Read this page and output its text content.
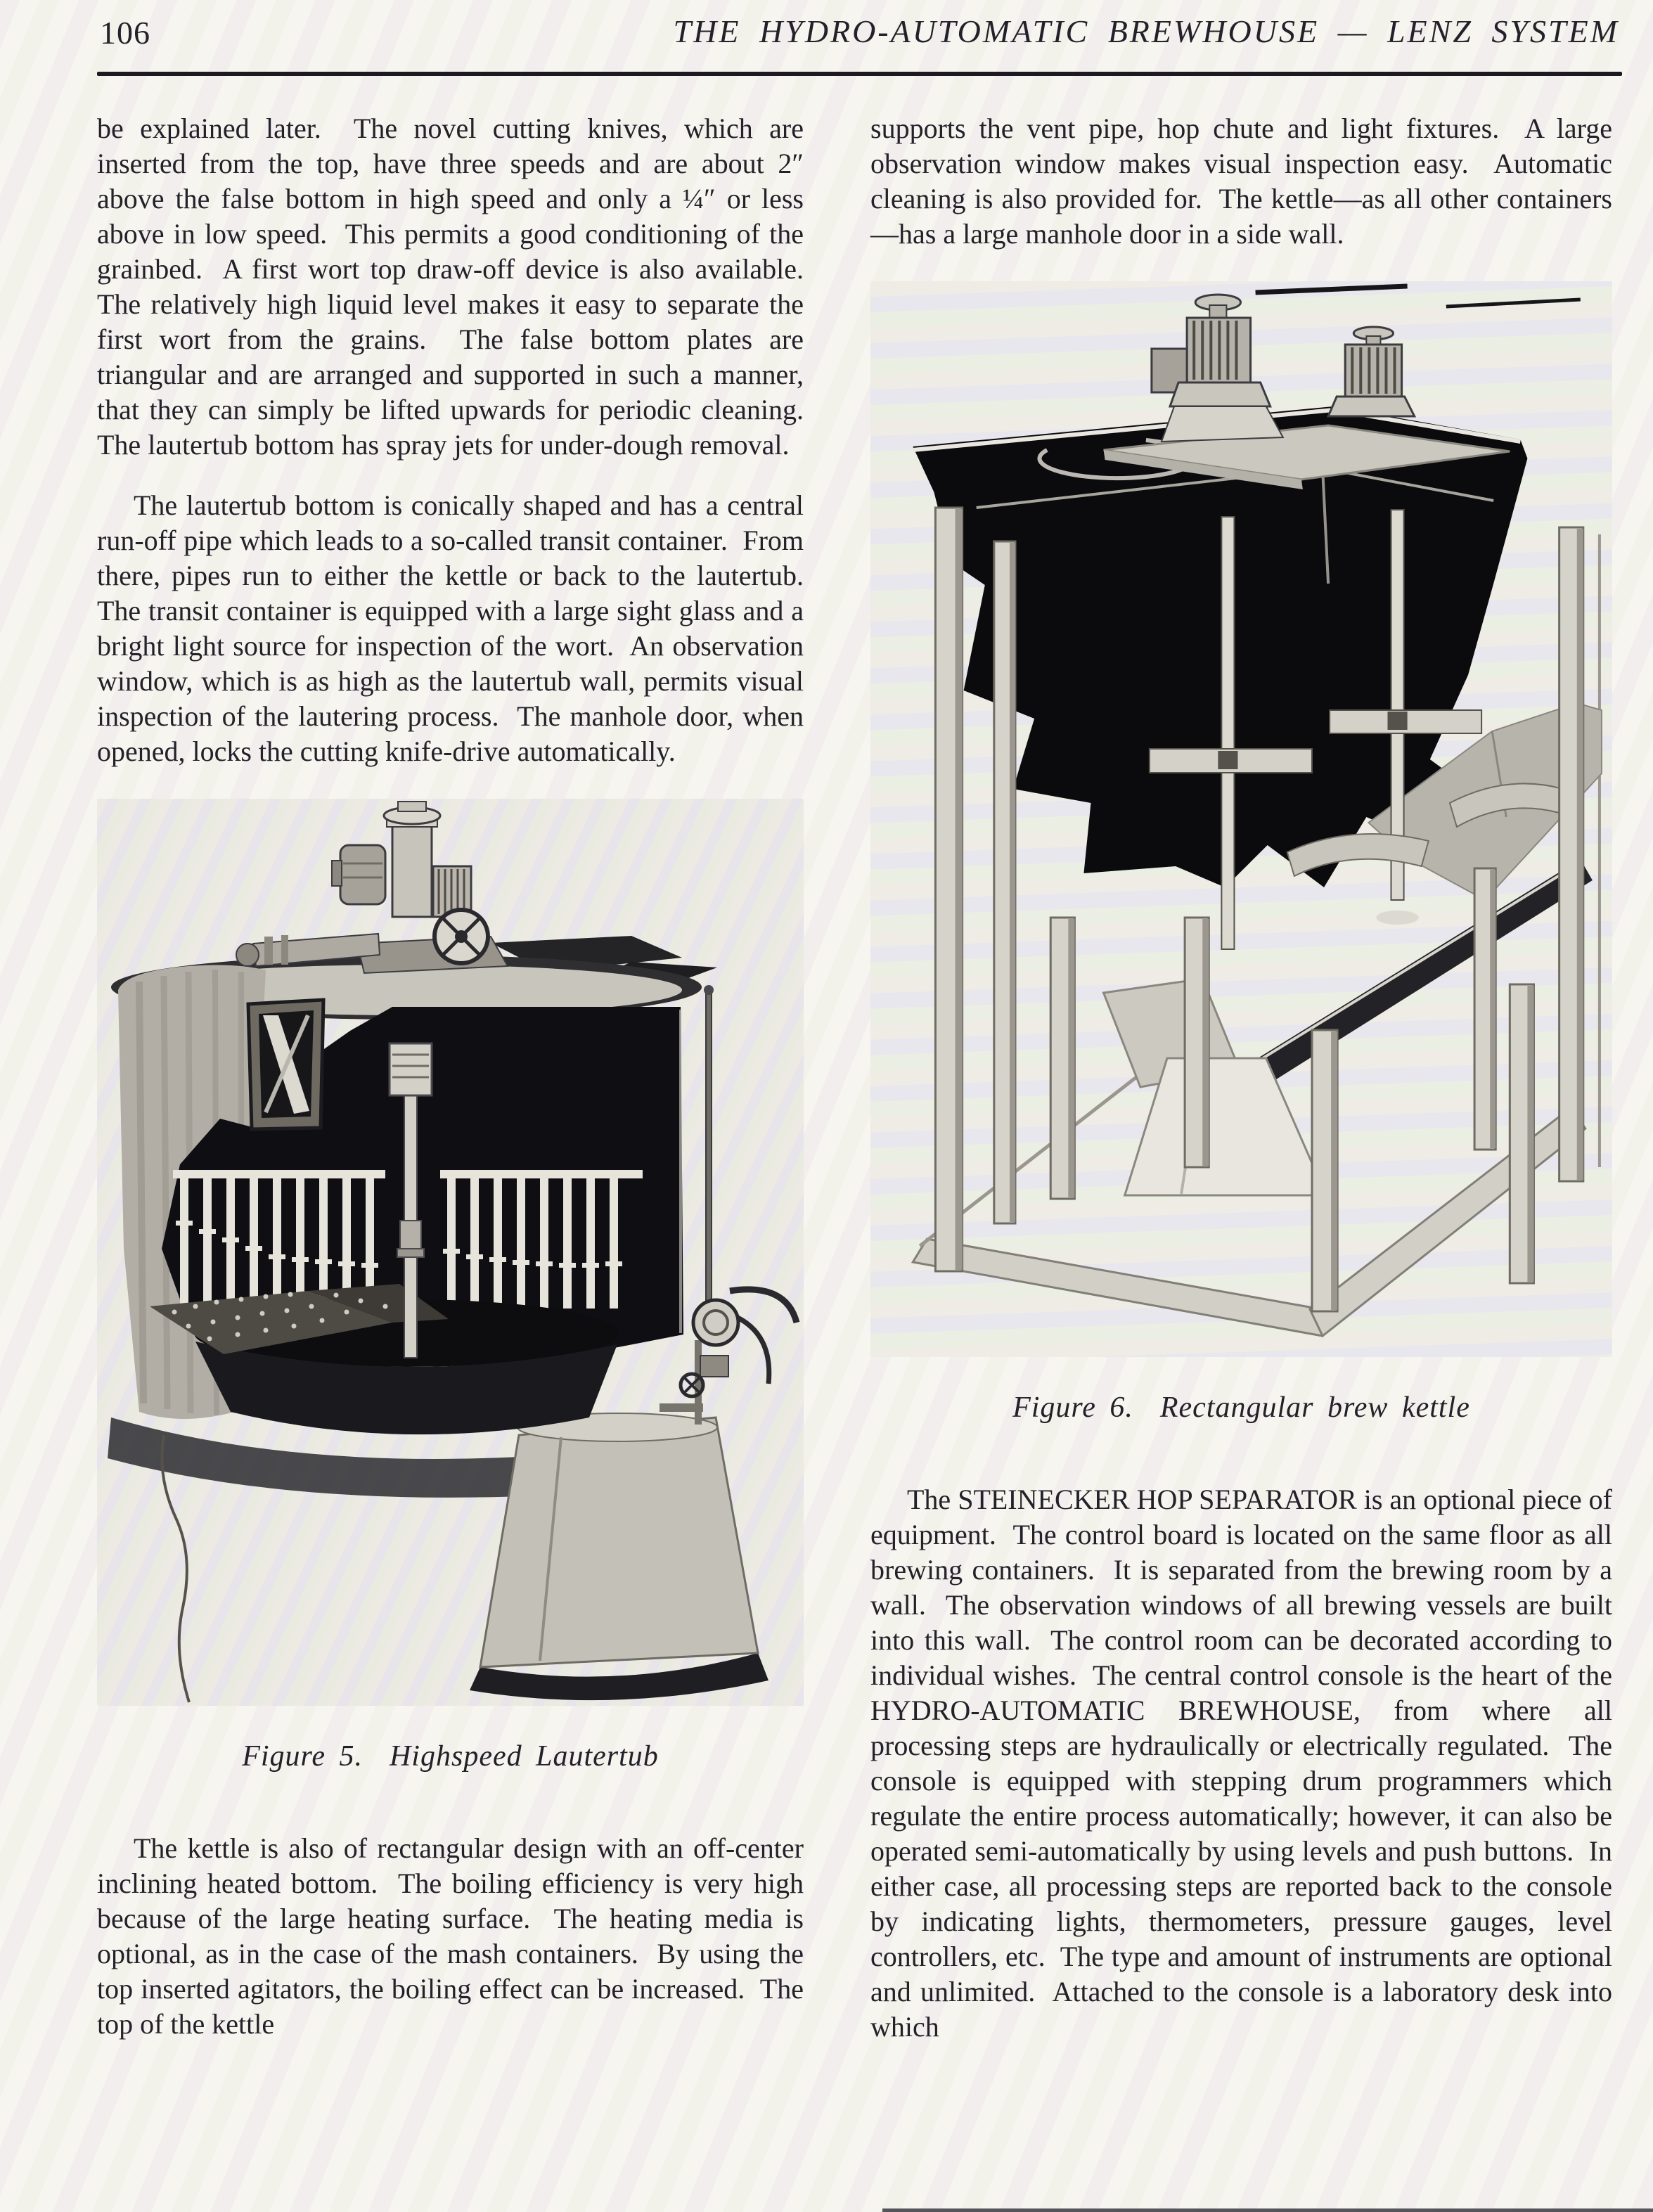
106	THE HYDRO-AUTOMATIC BREWHOUSE — LENZ SYSTEM

be explained later.  The novel cutting knives, which are inserted from the top, have three speeds and are about 2″ above the false bottom in high speed and only a ¼″ or less above in low speed.  This permits a good conditioning of the grainbed.  A first wort top draw-off device is also available.  The relatively high liquid level makes it easy to separate the first wort from the grains.  The false bottom plates are triangular and are arranged and supported in such a manner, that they can simply be lifted upwards for periodic cleaning.  The lautertub bottom has spray jets for under-dough removal.

The lautertub bottom is conically shaped and has a central run-off pipe which leads to a so-called transit container.  From there, pipes run to either the kettle or back to the lautertub.  The transit container is equipped with a large sight glass and a bright light source for inspection of the wort.  An observation window, which is as high as the lautertub wall, permits visual inspection of the lautering process.  The manhole door, when opened, locks the cutting knife-drive automatically.

Figure 5. Highspeed Lautertub

The kettle is also of rectangular design with an off-center inclining heated bottom.  The boiling efficiency is very high because of the large heating surface.  The heating media is optional, as in the case of the mash containers.  By using the top inserted agitators, the boiling effect can be increased.  The top of the kettle

supports the vent pipe, hop chute and light fixtures.  A large observation window makes visual inspection easy.  Automatic cleaning is also provided for.  The kettle—as all other containers—has a large manhole door in a side wall.

Figure 6. Rectangular brew kettle

The STEINECKER HOP SEPARATOR is an optional piece of equipment.  The control board is located on the same floor as all brewing containers.  It is separated from the brewing room by a wall.  The observation windows of all brewing vessels are built into this wall.  The control room can be decorated according to individual wishes.  The central control console is the heart of the HYDRO-AUTOMATIC BREWHOUSE, from where all processing steps are hydraulically or electrically regulated.  The console is equipped with stepping drum programmers which regulate the entire process automatically; however, it can also be operated semi-automatically by using levels and push buttons.  In either case, all processing steps are reported back to the console by indicating lights, thermometers, pressure gauges, level controllers, etc.  The type and amount of instruments are optional and unlimited.  Attached to the console is a laboratory desk into which
